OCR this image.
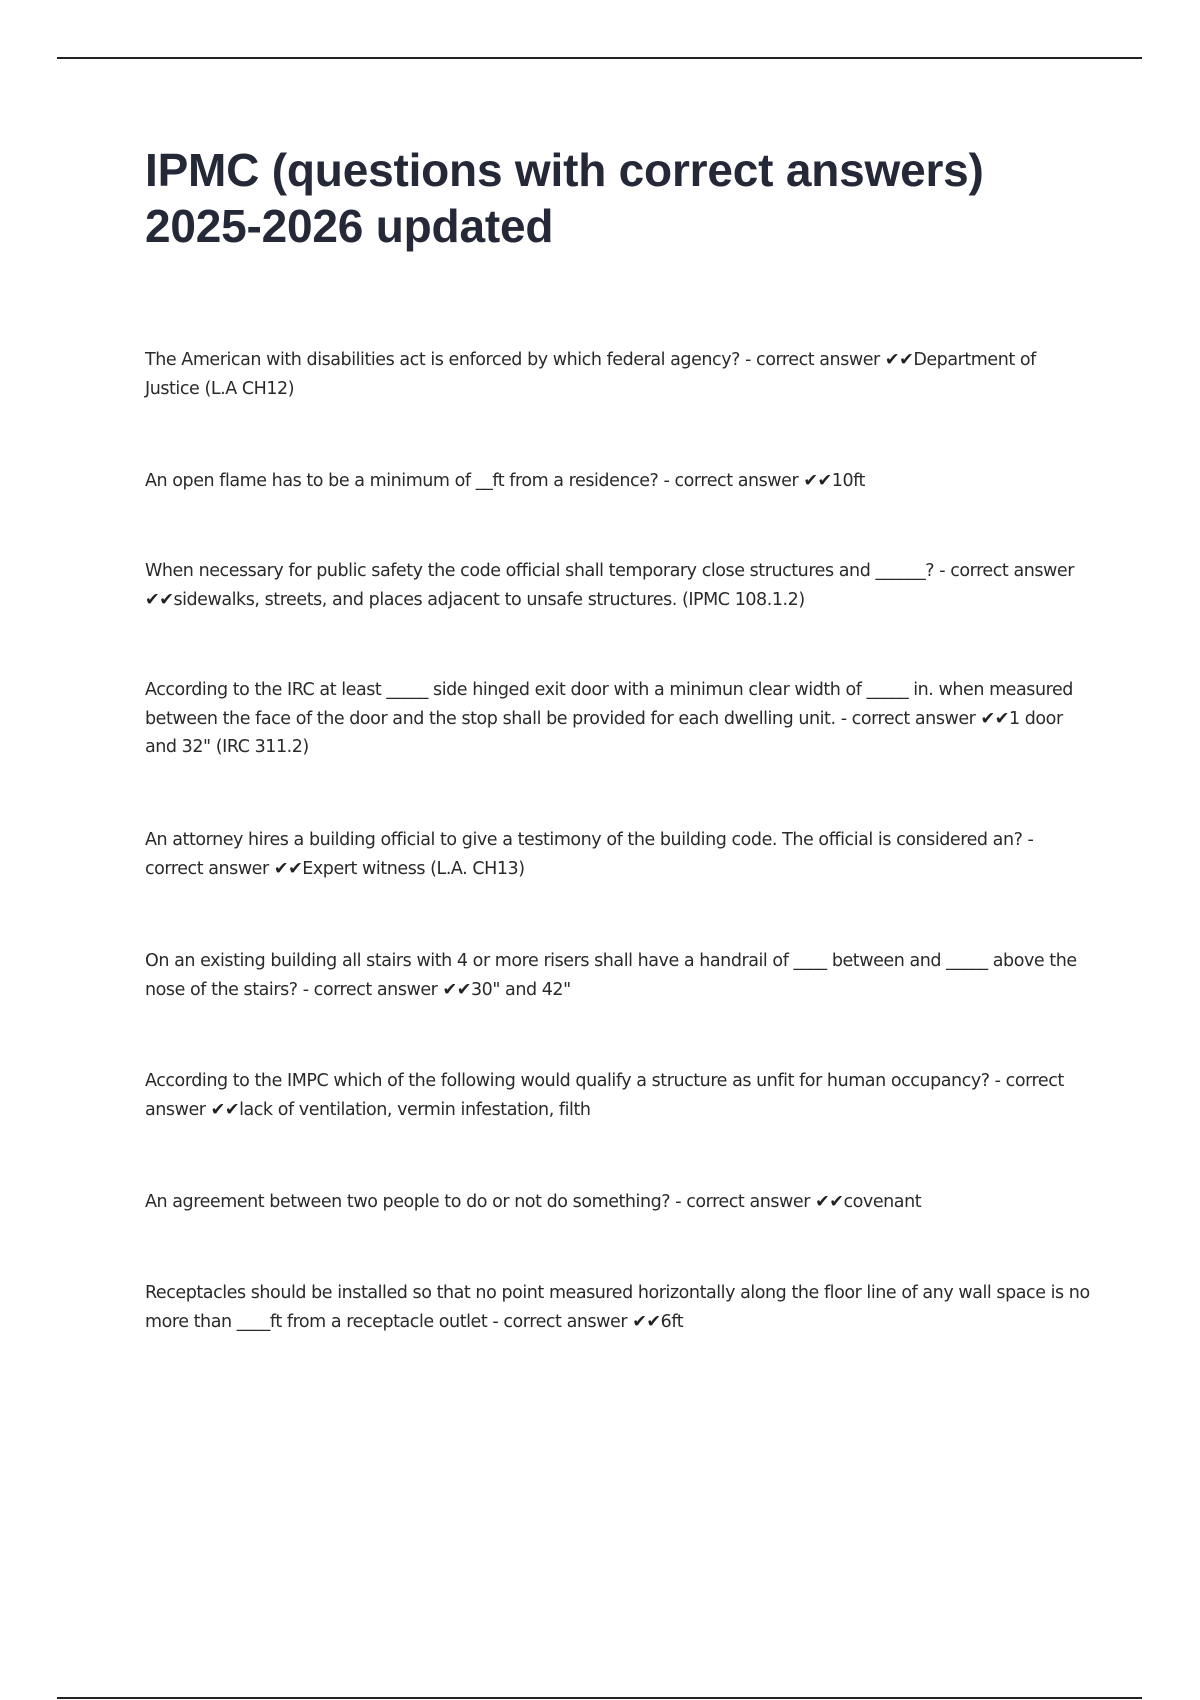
IPMC (questions with correct answers) 2025-2026 updated

The American with disabilities act is enforced by which federal agency? - correct answer ✔✔Department of Justice (L.A CH12)

An open flame has to be a minimum of __ft from a residence? - correct answer ✔✔10ft

When necessary for public safety the code official shall temporary close structures and ______? - correct answer ✔✔sidewalks, streets, and places adjacent to unsafe structures. (IPMC 108.1.2)

According to the IRC at least _____ side hinged exit door with a minimun clear width of _____ in. when measured between the face of the door and the stop shall be provided for each dwelling unit. - correct answer ✔✔1 door and 32" (IRC 311.2)

An attorney hires a building official to give a testimony of the building code. The official is considered an? - correct answer ✔✔Expert witness (L.A. CH13)

On an existing building all stairs with 4 or more risers shall have a handrail of ____ between and _____ above the nose of the stairs? - correct answer ✔✔30" and 42"

According to the IMPC which of the following would qualify a structure as unfit for human occupancy? - correct answer ✔✔lack of ventilation, vermin infestation, filth

An agreement between two people to do or not do something? - correct answer ✔✔covenant

Receptacles should be installed so that no point measured horizontally along the floor line of any wall space is no more than ____ft from a receptacle outlet - correct answer ✔✔6ft
